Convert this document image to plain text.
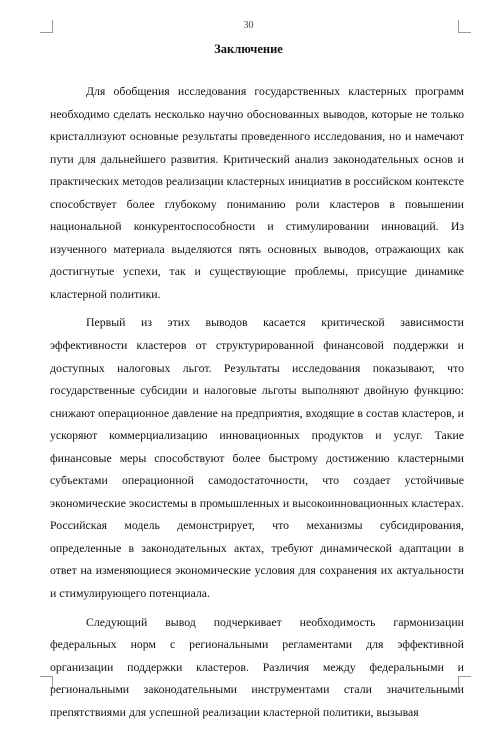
30
Заключение

Для обобщения исследования государственных кластерных программ необходимо сделать несколько научно обоснованных выводов, которые не только кристаллизуют основные результаты проведенного исследования, но и намечают пути для дальнейшего развития. Критический анализ законодательных основ и практических методов реализации кластерных инициатив в российском контексте способствует более глубокому пониманию роли кластеров в повышении национальной конкурентоспособности и стимулировании инноваций. Из изученного материала выделяются пять основных выводов, отражающих как достигнутые успехи, так и существующие проблемы, присущие динамике кластерной политики.

Первый из этих выводов касается критической зависимости эффективности кластеров от структурированной финансовой поддержки и доступных налоговых льгот. Результаты исследования показывают, что государственные субсидии и налоговые льготы выполняют двойную функцию: снижают операционное давление на предприятия, входящие в состав кластеров, и ускоряют коммерциализацию инновационных продуктов и услуг. Такие финансовые меры способствуют более быстрому достижению кластерными субъектами операционной самодостаточности, что создает устойчивые экономические экосистемы в промышленных и высокоинновационных кластерах. Российская модель демонстрирует, что механизмы субсидирования, определенные в законодательных актах, требуют динамической адаптации в ответ на изменяющиеся экономические условия для сохранения их актуальности и стимулирующего потенциала.

Следующий вывод подчеркивает необходимость гармонизации федеральных норм с региональными регламентами для эффективной организации поддержки кластеров. Различия между федеральными и региональными законодательными инструментами стали значительными препятствиями для успешной реализации кластерной политики, вызывая
